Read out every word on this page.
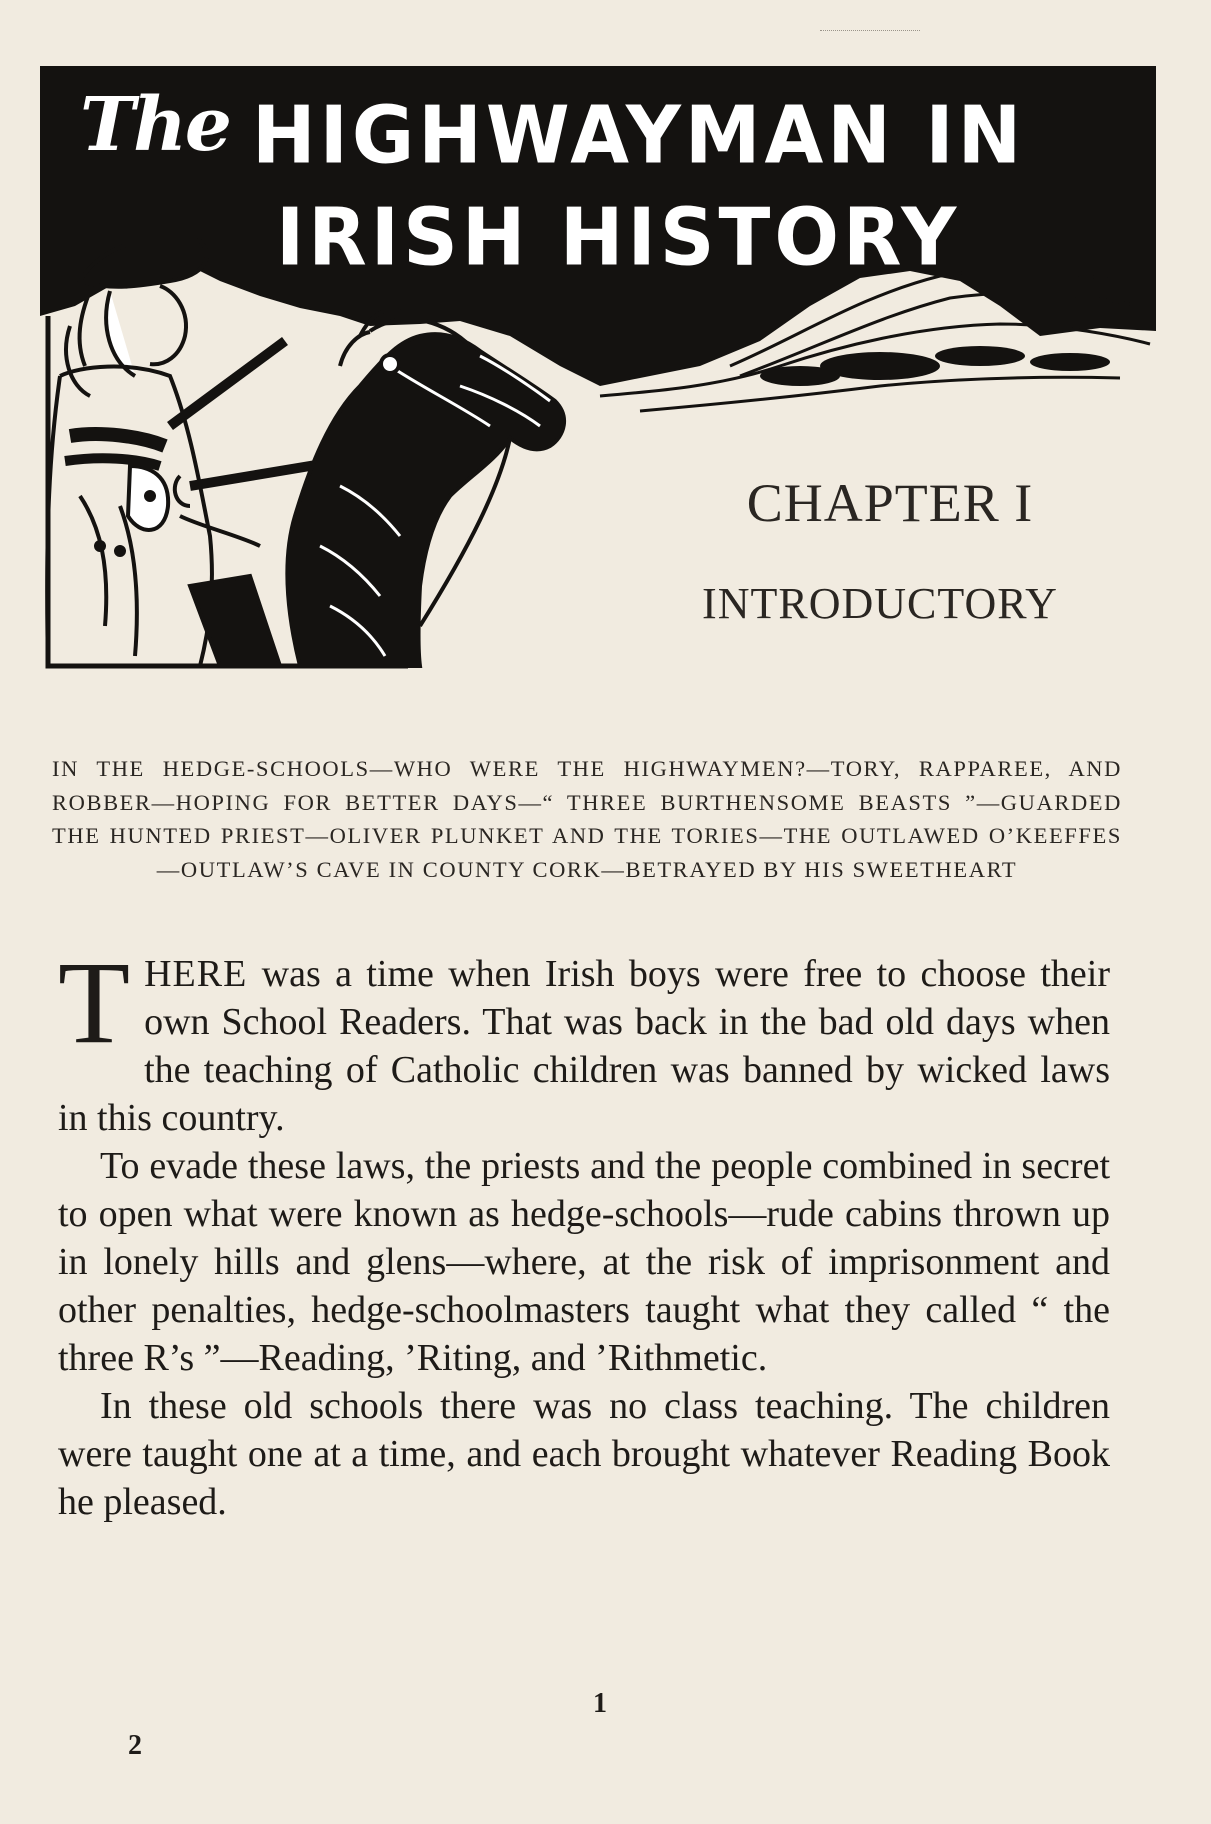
The HIGHWAYMAN IN
IRISH HISTORY
CHAPTER I
INTRODUCTORY
IN THE HEDGE-SCHOOLS—WHO WERE THE HIGHWAYMEN?—TORY, RAPPAREE, AND ROBBER—HOPING FOR BETTER DAYS—“ THREE BURTHENSOME BEASTS ”—GUARDED THE HUNTED PRIEST—OLIVER PLUNKET AND THE TORIES—THE OUTLAWED O’KEEFFES—OUTLAW’S CAVE IN COUNTY CORK—BETRAYED BY HIS SWEETHEART

THERE was a time when Irish boys were free to choose their own School Readers. That was back in the bad old days when the teaching of Catholic children was banned by wicked laws in this country.

To evade these laws, the priests and the people combined in secret to open what were known as hedge-schools—rude cabins thrown up in lonely hills and glens—where, at the risk of imprisonment and other penalties, hedge-schoolmasters taught what they called “ the three R’s ”—Reading, ’Riting, and ’Rithmetic.

In these old schools there was no class teaching. The children were taught one at a time, and each brought whatever Reading Book he pleased.

1
2
